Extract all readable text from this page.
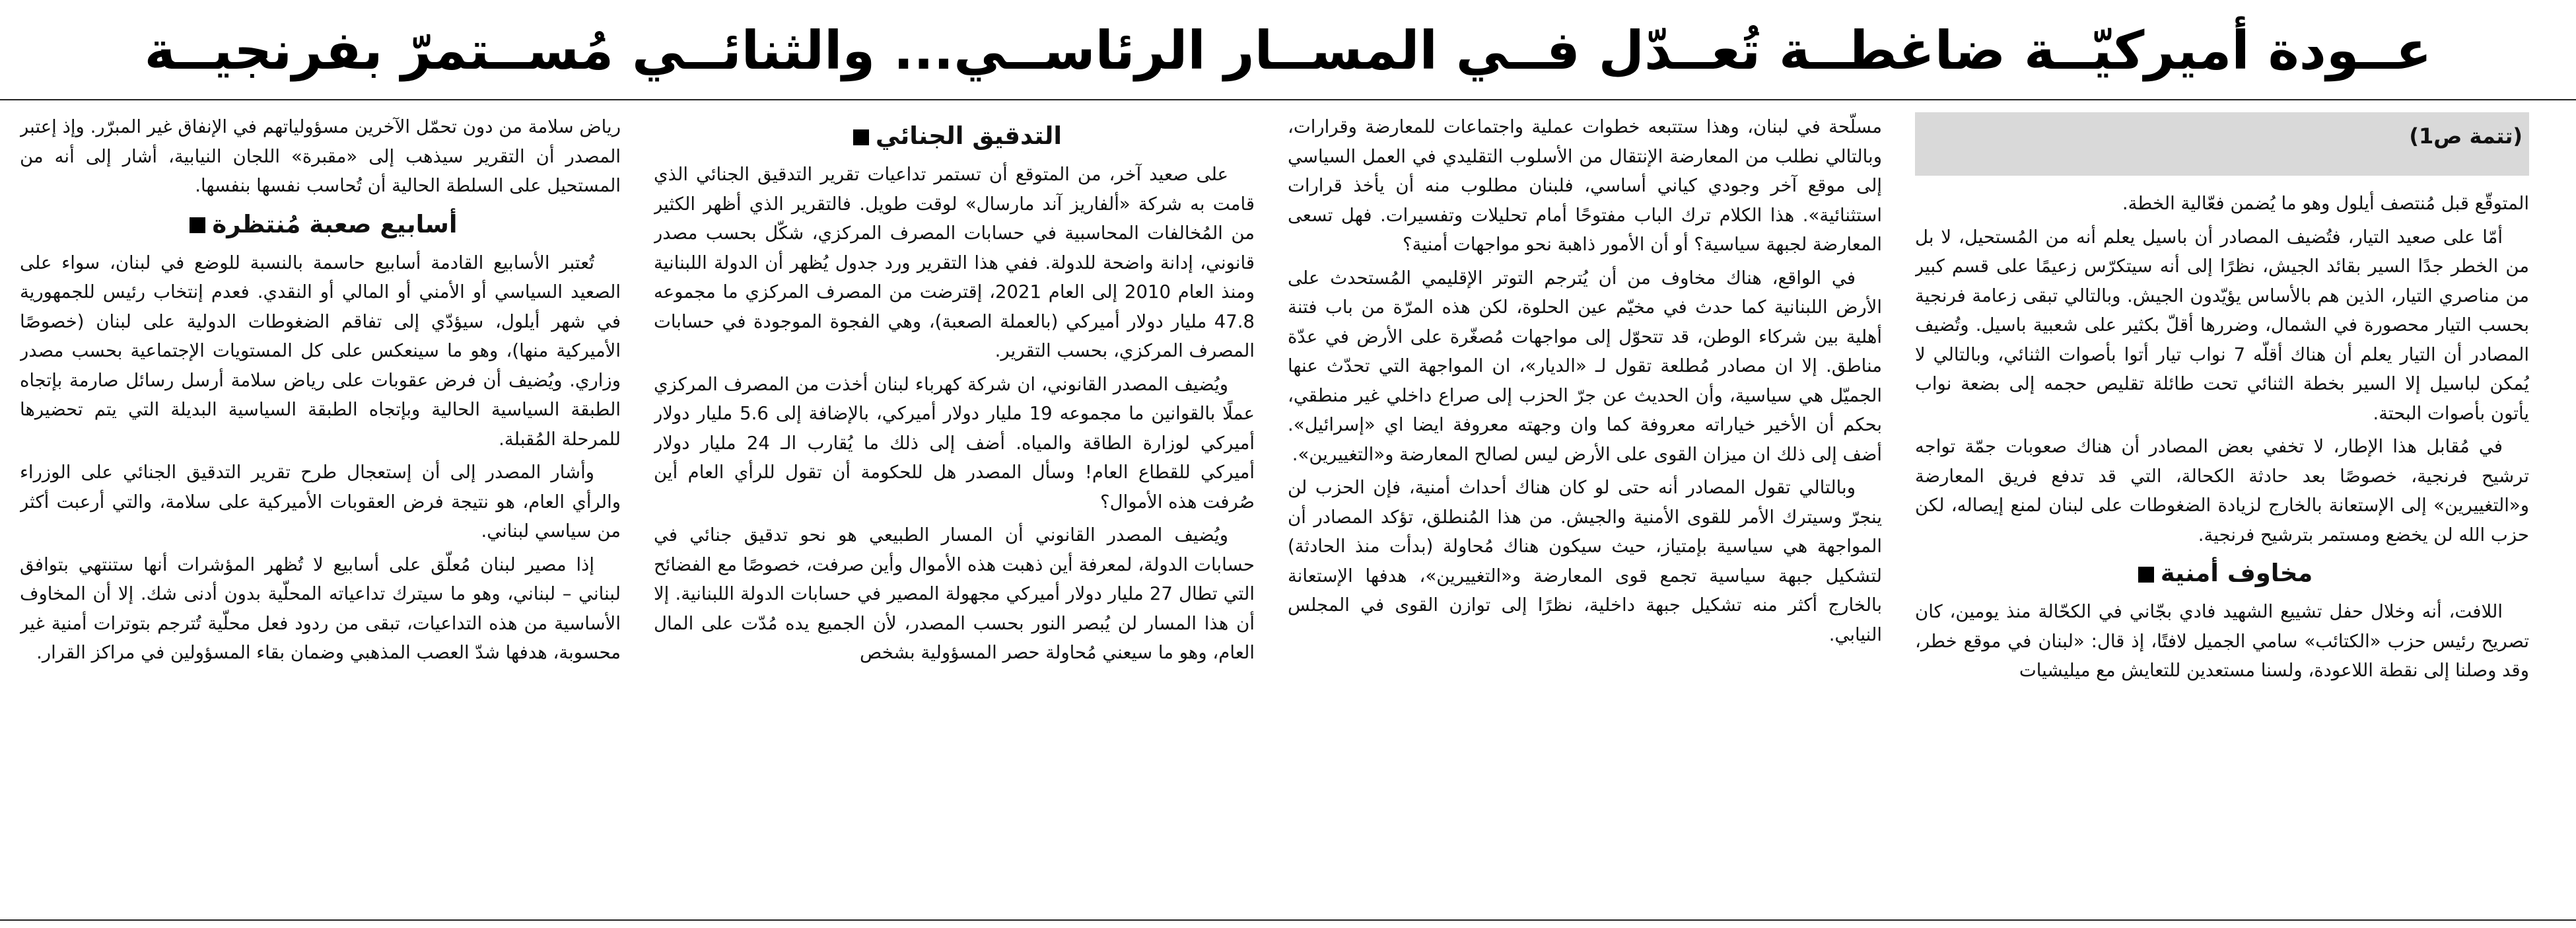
عــودة أميركيّــة ضاغطــة تُعــدّل فــي المســار الرئاســي... والثنائــي مُســتمرّ بفرنجيــة
(تتمة ص1)

المتوقّع قبل مُنتصف أيلول وهو ما يُضمن فعّالية الخطة.

أمّا على صعيد التيار، فتُضيف المصادر أن باسيل يعلم أنه من المُستحيل، لا بل من الخطر جدًا السير بقائد الجيش، نظرًا إلى أنه سيتكرّس زعيمًا على قسم كبير من مناصري التيار، الذين هم بالأساس يؤيّدون الجيش. وبالتالي تبقى زعامة فرنجية بحسب التيار محصورة في الشمال، وضررها أقلّ بكثير على شعبية باسيل. وتُضيف المصادر أن التيار يعلم أن هناك أقلّه 7 نواب تيار أتوا بأصوات الثنائي، وبالتالي لا يُمكن لباسيل إلا السير بخطة الثنائي تحت طائلة تقليص حجمه إلى بضعة نواب يأتون بأصوات البحتة.

في مُقابل هذا الإطار، لا تخفي بعض المصادر أن هناك صعوبات جمّة تواجه ترشيح فرنجية، خصوصًا بعد حادثة الكحالة، التي قد تدفع فريق المعارضة و«التغييرين» إلى الإستعانة بالخارج لزيادة الضغوطات على لبنان لمنع إيصاله، لكن حزب الله لن يخضع ومستمر بترشيح فرنجية.

مخاوف أمنية

اللافت، أنه وخلال حفل تشييع الشهيد فادي بجّاني في الكحّالة منذ يومين، كان تصريح رئيس حزب «الكتائب» سامي الجميل لافتًا، إذ قال: «لبنان في موقع خطر، وقد وصلنا إلى نقطة اللاعودة، ولسنا مستعدين للتعايش مع ميليشيات

مسلّحة في لبنان، وهذا ستتبعه خطوات عملية واجتماعات للمعارضة وقرارات، وبالتالي نطلب من المعارضة الإنتقال من الأسلوب التقليدي في العمل السياسي إلى موقع آخر وجودي كياني أساسي، فلبنان مطلوب منه أن يأخذ قرارات استثنائية». هذا الكلام ترك الباب مفتوحًا أمام تحليلات وتفسيرات. فهل تسعى المعارضة لجبهة سياسية؟ أو أن الأمور ذاهبة نحو مواجهات أمنية؟

في الواقع، هناك مخاوف من أن يُترجم التوتر الإقليمي المُستحدث على الأرض اللبنانية كما حدث في مخيّم عين الحلوة، لكن هذه المرّة من باب فتنة أهلية بين شركاء الوطن، قد تتحوّل إلى مواجهات مُصغّرة على الأرض في عدّة مناطق. إلا ان مصادر مُطلعة تقول لـ «الديار»، ان المواجهة التي تحدّث عنها الجميّل هي سياسية، وأن الحديث عن جرّ الحزب إلى صراع داخلي غير منطقي، بحكم أن الأخير خياراته معروفة كما وان وجهته معروفة ايضا اي «إسرائيل». أضف إلى ذلك ان ميزان القوى على الأرض ليس لصالح المعارضة و«التغييرين».

وبالتالي تقول المصادر أنه حتى لو كان هناك أحداث أمنية، فإن الحزب لن ينجرّ وسيترك الأمر للقوى الأمنية والجيش. من هذا المُنطلق، تؤكد المصادر أن المواجهة هي سياسية بإمتياز، حيث سيكون هناك مُحاولة (بدأت منذ الحادثة) لتشكيل جبهة سياسية تجمع قوى المعارضة و«التغييرين»، هدفها الإستعانة بالخارج أكثر منه تشكيل جبهة داخلية، نظرًا إلى توازن القوى في المجلس النيابي.

التدقيق الجنائي

على صعيد آخر، من المتوقع أن تستمر تداعيات تقرير التدقيق الجنائي الذي قامت به شركة «ألفاريز آند مارسال» لوقت طويل. فالتقرير الذي أظهر الكثير من المُخالفات المحاسبية في حسابات المصرف المركزي، شكّل بحسب مصدر قانوني، إدانة واضحة للدولة. ففي هذا التقرير ورد جدول يُظهر أن الدولة اللبنانية ومنذ العام 2010 إلى العام 2021، إقترضت من المصرف المركزي ما مجموعه 47.8 مليار دولار أميركي (بالعملة الصعبة)، وهي الفجوة الموجودة في حسابات المصرف المركزي، بحسب التقرير.

ويُضيف المصدر القانوني، ان شركة كهرباء لبنان أخذت من المصرف المركزي عملًا بالقوانين ما مجموعه 19 مليار دولار أميركي، بالإضافة إلى 5.6 مليار دولار أميركي لوزارة الطاقة والمياه. أضف إلى ذلك ما يُقارب الـ 24 مليار دولار أميركي للقطاع العام! وسأل المصدر هل للحكومة أن تقول للرأي العام أين صُرفت هذه الأموال؟

ويُضيف المصدر القانوني أن المسار الطبيعي هو نحو تدقيق جنائي في حسابات الدولة، لمعرفة أين ذهبت هذه الأموال وأين صرفت، خصوصًا مع الفضائح التي تطال 27 مليار دولار أميركي مجهولة المصير في حسابات الدولة اللبنانية. إلا أن هذا المسار لن يُبصر النور بحسب المصدر، لأن الجميع يده مُدّت على المال العام، وهو ما سيعني مُحاولة حصر المسؤولية بشخص

رياض سلامة من دون تحمّل الآخرين مسؤولياتهم في الإنفاق غير المبرّر. وإذ إعتبر المصدر أن التقرير سيذهب إلى «مقبرة» اللجان النيابية، أشار إلى أنه من المستحيل على السلطة الحالية أن تُحاسب نفسها بنفسها.

أسابيع صعبة مُنتظرة

تُعتبر الأسابيع القادمة أسابيع حاسمة بالنسبة للوضع في لبنان، سواء على الصعيد السياسي أو الأمني أو المالي أو النقدي. فعدم إنتخاب رئيس للجمهورية في شهر أيلول، سيؤدّي إلى تفاقم الضغوطات الدولية على لبنان (خصوصًا الأميركية منها)، وهو ما سينعكس على كل المستويات الإجتماعية بحسب مصدر وزاري. ويُضيف أن فرض عقوبات على رياض سلامة أرسل رسائل صارمة بإتجاه الطبقة السياسية الحالية وبإتجاه الطبقة السياسية البديلة التي يتم تحضيرها للمرحلة المُقبلة.

وأشار المصدر إلى أن إستعجال طرح تقرير التدقيق الجنائي على الوزراء والرأي العام، هو نتيجة فرض العقوبات الأميركية على سلامة، والتي أرعبت أكثر من سياسي لبناني.

إذا مصير لبنان مُعلّق على أسابيع لا تُظهر المؤشرات أنها ستنتهي بتوافق لبناني – لبناني، وهو ما سيترك تداعياته المحلّية بدون أدنى شك. إلا أن المخاوف الأساسية من هذه التداعيات، تبقى من ردود فعل محلّية تُترجم بتوترات أمنية غير محسوبة، هدفها شدّ العصب المذهبي وضمان بقاء المسؤولين في مراكز القرار.
